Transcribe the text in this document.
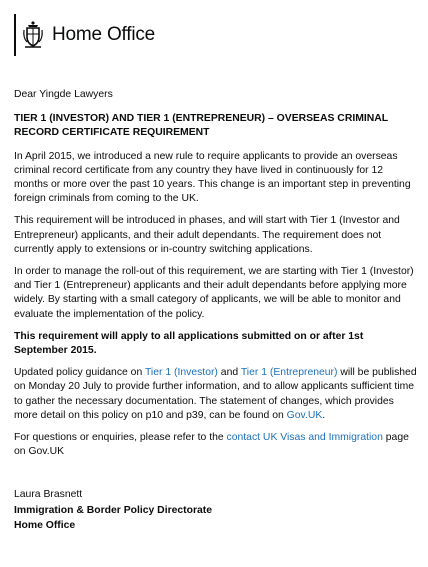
Home Office

Dear Yingde Lawyers

TIER 1 (INVESTOR) AND TIER 1 (ENTREPRENEUR) – OVERSEAS CRIMINAL RECORD CERTIFICATE REQUIREMENT

In April 2015, we introduced a new rule to require applicants to provide an overseas criminal record certificate from any country they have lived in continuously for 12 months or more over the past 10 years. This change is an important step in preventing foreign criminals from coming to the UK.

This requirement will be introduced in phases, and will start with Tier 1 (Investor and Entrepreneur) applicants, and their adult dependants. The requirement does not currently apply to extensions or in-country switching applications.

In order to manage the roll-out of this requirement, we are starting with Tier 1 (Investor) and Tier 1 (Entrepreneur) applicants and their adult dependants before applying more widely. By starting with a small category of applicants, we will be able to monitor and evaluate the implementation of the policy.

This requirement will apply to all applications submitted on or after 1st September 2015.

Updated policy guidance on Tier 1 (Investor) and Tier 1 (Entrepreneur) will be published on Monday 20 July to provide further information, and to allow applicants sufficient time to gather the necessary documentation. The statement of changes, which provides more detail on this policy on p10 and p39, can be found on Gov.UK.

For questions or enquiries, please refer to the contact UK Visas and Immigration page on Gov.UK

Laura Brasnett
Immigration & Border Policy Directorate
Home Office
